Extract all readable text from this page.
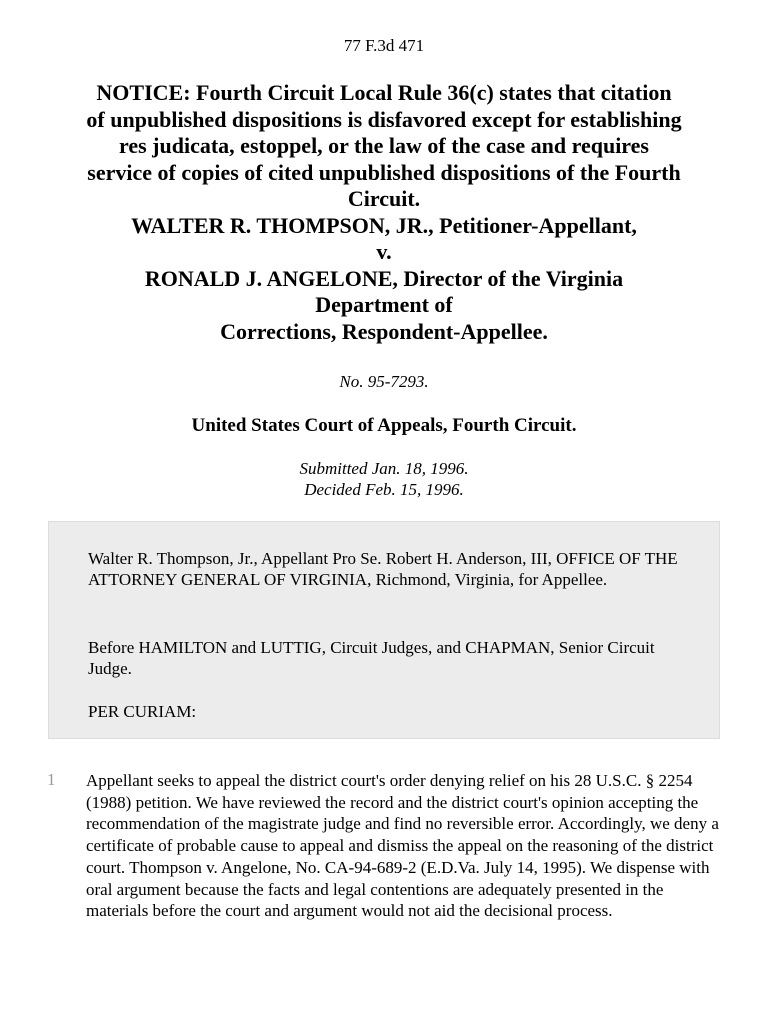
77 F.3d 471
NOTICE: Fourth Circuit Local Rule 36(c) states that citation
of unpublished dispositions is disfavored except for establishing
res judicata, estoppel, or the law of the case and requires
service of copies of cited unpublished dispositions of the Fourth
Circuit.
WALTER R. THOMPSON, JR., Petitioner-Appellant,
v.
RONALD J. ANGELONE, Director of the Virginia
Department of
Corrections, Respondent-Appellee.
No. 95-7293.
United States Court of Appeals, Fourth Circuit.
Submitted Jan. 18, 1996.
Decided Feb. 15, 1996.

Walter R. Thompson, Jr., Appellant Pro Se. Robert H. Anderson, III, OFFICE OF THE ATTORNEY GENERAL OF VIRGINIA, Richmond, Virginia, for Appellee.

Before HAMILTON and LUTTIG, Circuit Judges, and CHAPMAN, Senior Circuit Judge.

PER CURIAM:

1 Appellant seeks to appeal the district court's order denying relief on his 28 U.S.C. § 2254 (1988) petition. We have reviewed the record and the district court's opinion accepting the recommendation of the magistrate judge and find no reversible error. Accordingly, we deny a certificate of probable cause to appeal and dismiss the appeal on the reasoning of the district court. Thompson v. Angelone, No. CA-94-689-2 (E.D.Va. July 14, 1995). We dispense with oral argument because the facts and legal contentions are adequately presented in the materials before the court and argument would not aid the decisional process.
